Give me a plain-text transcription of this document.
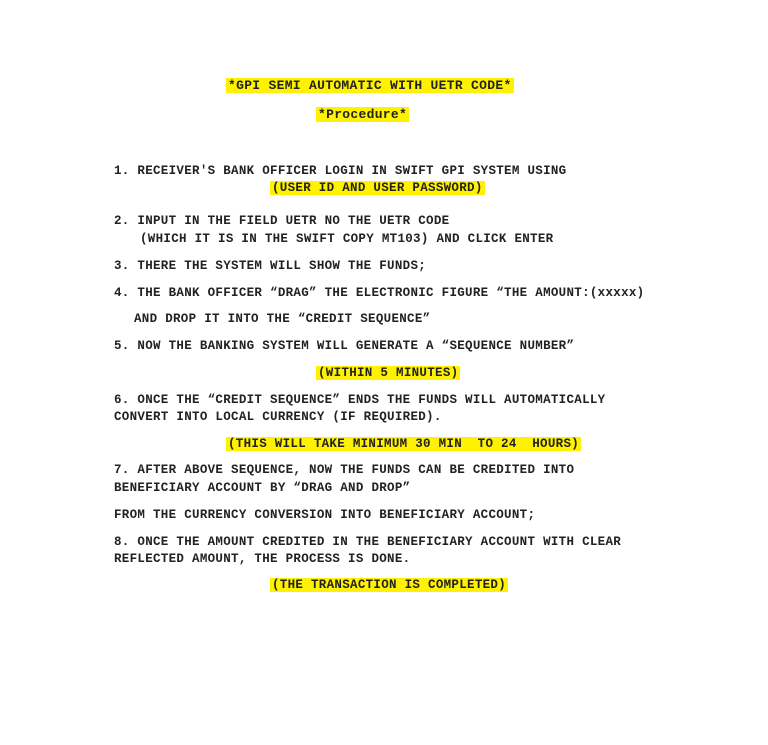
*GPI SEMI AUTOMATIC WITH UETR CODE*
*Procedure*
1. RECEIVER'S BANK OFFICER LOGIN IN SWIFT GPI SYSTEM USING
(USER ID AND USER PASSWORD)
2. INPUT IN THE FIELD UETR NO THE UETR CODE
(WHICH IT IS IN THE SWIFT COPY MT103) AND CLICK ENTER
3. THERE THE SYSTEM WILL SHOW THE FUNDS;
4. THE BANK OFFICER “DRAG” THE ELECTRONIC FIGURE “THE AMOUNT:(xxxxx)
AND DROP IT INTO THE “CREDIT SEQUENCE”
5. NOW THE BANKING SYSTEM WILL GENERATE A “SEQUENCE NUMBER”
(WITHIN 5 MINUTES)
6. ONCE THE “CREDIT SEQUENCE” ENDS THE FUNDS WILL AUTOMATICALLY
CONVERT INTO LOCAL CURRENCY (IF REQUIRED).
(THIS WILL TAKE MINIMUM 30 MIN  TO 24  HOURS)
7. AFTER ABOVE SEQUENCE, NOW THE FUNDS CAN BE CREDITED INTO
BENEFICIARY ACCOUNT BY “DRAG AND DROP”
FROM THE CURRENCY CONVERSION INTO BENEFICIARY ACCOUNT;
8. ONCE THE AMOUNT CREDITED IN THE BENEFICIARY ACCOUNT WITH CLEAR
REFLECTED AMOUNT, THE PROCESS IS DONE.
(THE TRANSACTION IS COMPLETED)
